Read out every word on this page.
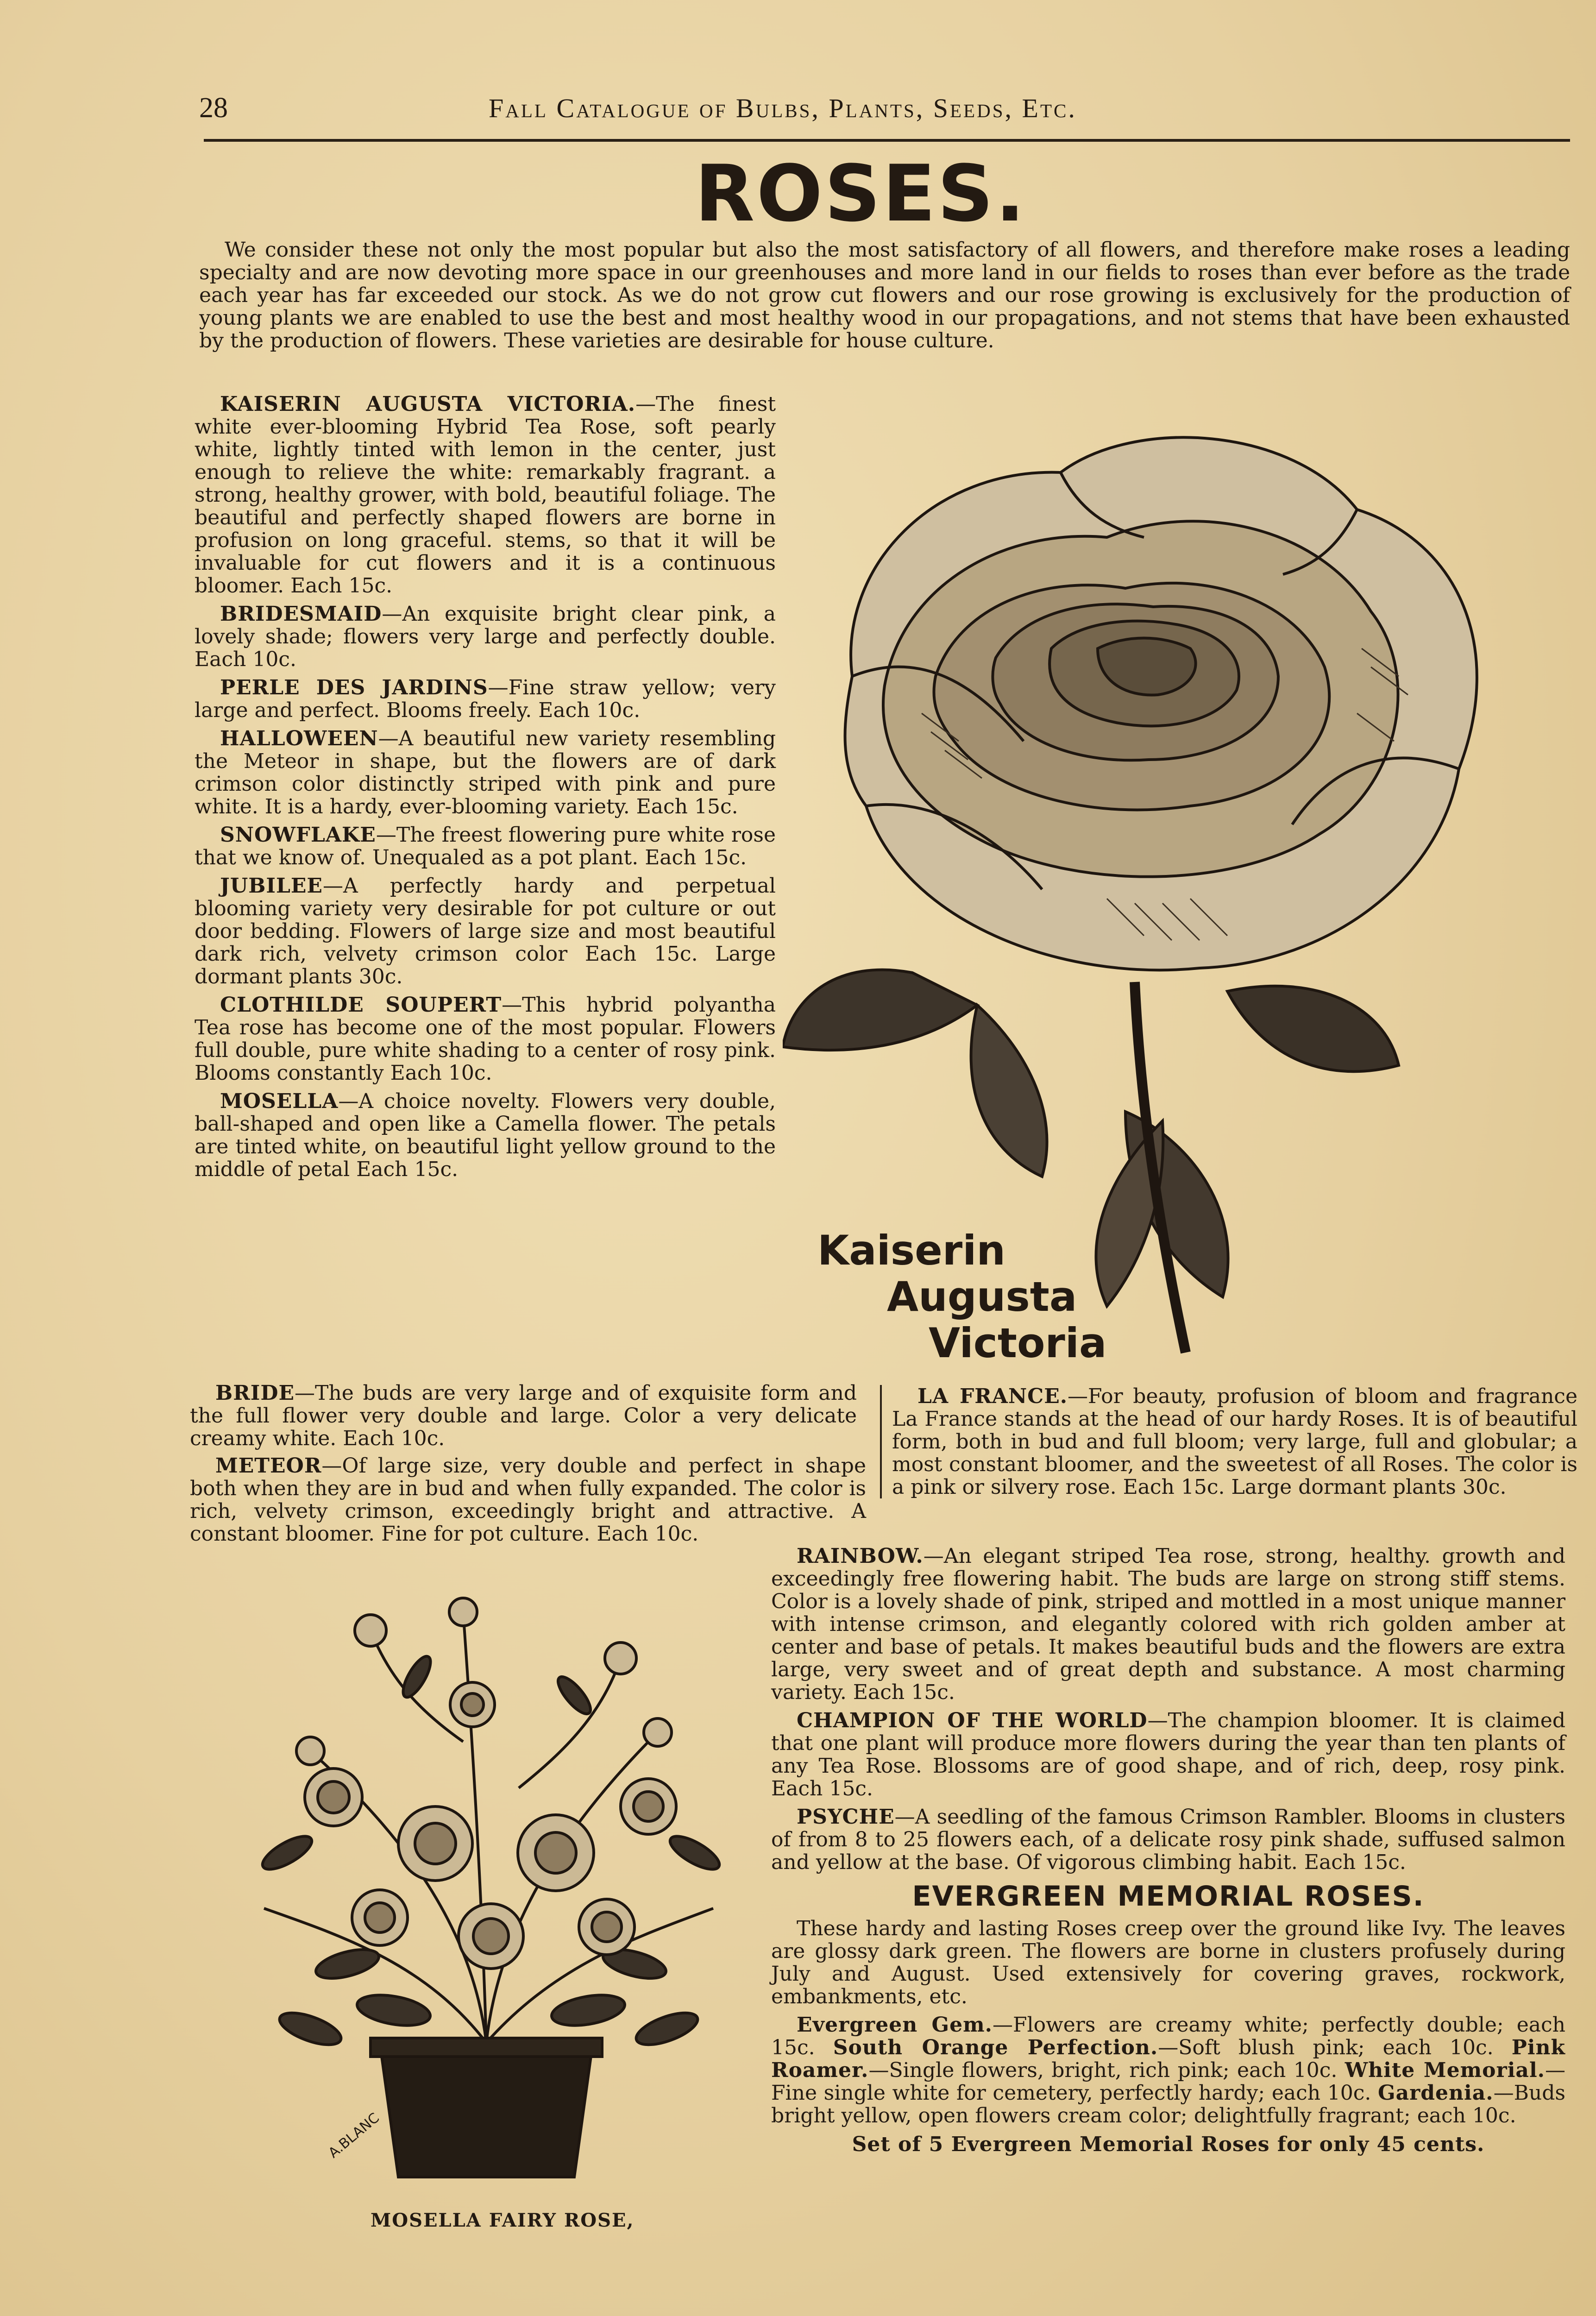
28	Fall Catalogue of Bulbs, Plants, Seeds, Etc.
ROSES.

We consider these not only the most popular but also the most satisfactory of all flowers, and therefore make roses a leading specialty and are now devoting more space in our greenhouses and more land in our fields to roses than ever before as the trade each year has far exceeded our stock. As we do not grow cut flowers and our rose growing is exclusively for the production of young plants we are enabled to use the best and most healthy wood in our propagations, and not stems that have been exhausted by the production of flowers. These varieties are desirable for house culture.

KAISERIN AUGUSTA VICTORIA.—The finest white ever-blooming Hybrid Tea Rose, soft pearly white, lightly tinted with lemon in the center, just enough to relieve the white: remarkably fragrant. a strong, healthy grower, with bold, beautiful foliage. The beautiful and perfectly shaped flowers are borne in profusion on long graceful. stems, so that it will be invaluable for cut flowers and it is a continuous bloomer. Each 15c.

BRIDESMAID—An exquisite bright clear pink, a lovely shade; flowers very large and perfectly double. Each 10c.

PERLE DES JARDINS—Fine straw yellow; very large and perfect. Blooms freely. Each 10c.

HALLOWEEN—A beautiful new variety resembling the Meteor in shape, but the flowers are of dark crimson color distinctly striped with pink and pure white. It is a hardy, ever-blooming variety. Each 15c.

SNOWFLAKE—The freest flowering pure white rose that we know of. Unequaled as a pot plant. Each 15c.

JUBILEE—A perfectly hardy and perpetual blooming variety very desirable for pot culture or out door bedding. Flowers of large size and most beautiful dark rich, velvety crimson color Each 15c. Large dormant plants 30c.

CLOTHILDE SOUPERT—This hybrid polyantha Tea rose has become one of the most popular. Flowers full double, pure white shading to a center of rosy pink. Blooms constantly Each 10c.

MOSELLA—A choice novelty. Flowers very double, ball-shaped and open like a Camella flower. The petals are tinted white, on beautiful light yellow ground to the middle of petal Each 15c.

Kaiserin
Augusta
Victoria

BRIDE—The buds are very large and of exquisite form and the full flower very double and large. Color a very delicate creamy white. Each 10c.

METEOR—Of large size, very double and perfect in shape both when they are in bud and when fully expanded. The color is rich, velvety crimson, exceedingly bright and attractive. A constant bloomer. Fine for pot culture. Each 10c.

LA FRANCE.—For beauty, profusion of bloom and fragrance La France stands at the head of our hardy Roses. It is of beautiful form, both in bud and full bloom; very large, full and globular; a most constant bloomer, and the sweetest of all Roses. The color is a pink or silvery rose. Each 15c. Large dormant plants 30c.

A.BLANC
MOSELLA FAIRY ROSE,

RAINBOW.—An elegant striped Tea rose, strong, healthy. growth and exceedingly free flowering habit. The buds are large on strong stiff stems. Color is a lovely shade of pink, striped and mottled in a most unique manner with intense crimson, and elegantly colored with rich golden amber at center and base of petals. It makes beautiful buds and the flowers are extra large, very sweet and of great depth and substance. A most charming variety. Each 15c.

CHAMPION OF THE WORLD—The champion bloomer. It is claimed that one plant will produce more flowers during the year than ten plants of any Tea Rose. Blossoms are of good shape, and of rich, deep, rosy pink. Each 15c.

PSYCHE—A seedling of the famous Crimson Rambler. Blooms in clusters of from 8 to 25 flowers each, of a delicate rosy pink shade, suffused salmon and yellow at the base. Of vigorous climbing habit. Each 15c.

EVERGREEN MEMORIAL ROSES.

These hardy and lasting Roses creep over the ground like Ivy. The leaves are glossy dark green. The flowers are borne in clusters profusely during July and August. Used extensively for covering graves, rockwork, embankments, etc.

Evergreen Gem.—Flowers are creamy white; perfectly double; each 15c. South Orange Perfection.—Soft blush pink; each 10c. Pink Roamer.—Single flowers, bright, rich pink; each 10c. White Memorial.—Fine single white for cemetery, perfectly hardy; each 10c. Gardenia.—Buds bright yellow, open flowers cream color; delightfully fragrant; each 10c.

Set of 5 Evergreen Memorial Roses for only 45 cents.
